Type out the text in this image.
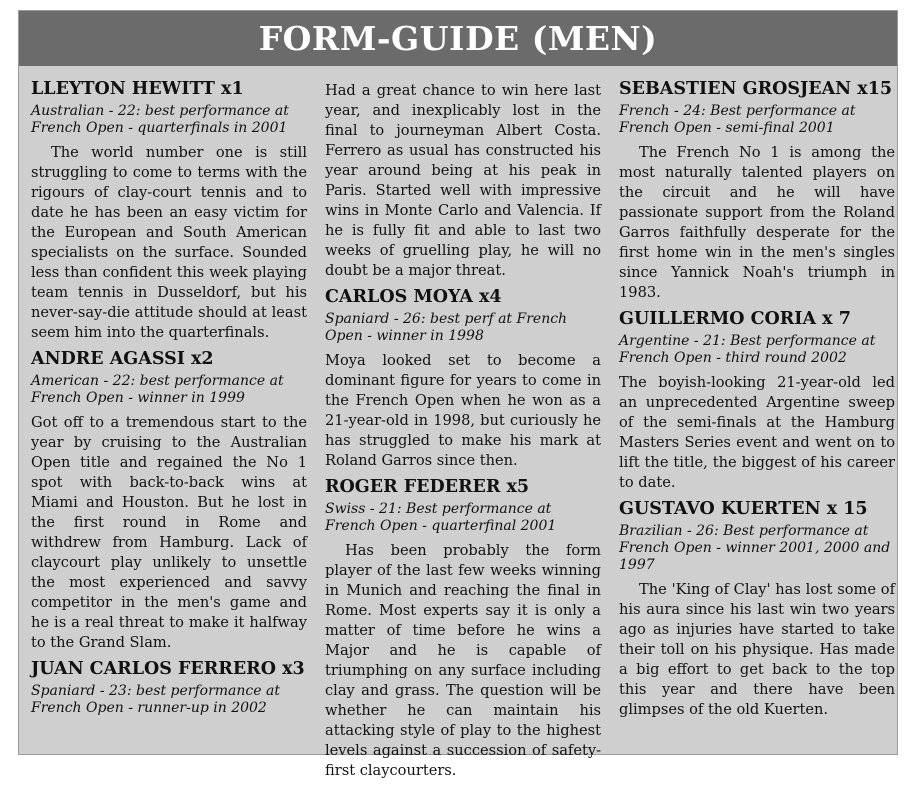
FORM-GUIDE (MEN)

LLEYTON HEWITT x1

Australian - 22: best performance at French Open - quarterfinals in 2001

The world number one is still struggling to come to terms with the rigours of clay-court tennis and to date he has been an easy victim for the European and South American specialists on the surface. Sounded less than confident this week playing team tennis in Dusseldorf, but his never-say-die attitude should at least seem him into the quarterfinals.

ANDRE AGASSI x2

American - 22: best performance at French Open - winner in 1999

Got off to a tremendous start to the year by cruising to the Australian Open title and regained the No 1 spot with back-to-back wins at Miami and Houston. But he lost in the first round in Rome and withdrew from Hamburg. Lack of claycourt play unlikely to unsettle the most experienced and savvy competitor in the men's game and he is a real threat to make it halfway to the Grand Slam.

JUAN CARLOS FERRERO x3

Spaniard - 23: best performance at French Open - runner-up in 2002

Had a great chance to win here last year, and inexplicably lost in the final to journeyman Albert Costa. Ferrero as usual has constructed his year around being at his peak in Paris. Started well with impressive wins in Monte Carlo and Valencia. If he is fully fit and able to last two weeks of gruelling play, he will no doubt be a major threat.

CARLOS MOYA x4

Spaniard - 26: best perf at French Open - winner in 1998

Moya looked set to become a dominant figure for years to come in the French Open when he won as a 21-year-old in 1998, but curiously he has struggled to make his mark at Roland Garros since then.

ROGER FEDERER x5

Swiss - 21: Best performance at French Open - quarterfinal 2001

Has been probably the form player of the last few weeks winning in Munich and reaching the final in Rome. Most experts say it is only a matter of time before he wins a Major and he is capable of triumphing on any surface including clay and grass. The question will be whether he can maintain his attacking style of play to the highest levels against a succession of safety-first claycourters.

SEBASTIEN GROSJEAN x15

French - 24: Best performance at French Open - semi-final 2001

The French No 1 is among the most naturally talented players on the circuit and he will have passionate support from the Roland Garros faithfully desperate for the first home win in the men's singles since Yannick Noah's triumph in 1983.

GUILLERMO CORIA x 7

Argentine - 21: Best performance at French Open - third round 2002

The boyish-looking 21-year-old led an unprecedented Argentine sweep of the semi-finals at the Hamburg Masters Series event and went on to lift the title, the biggest of his career to date.

GUSTAVO KUERTEN x 15

Brazilian - 26: Best performance at French Open - winner 2001, 2000 and 1997

The 'King of Clay' has lost some of his aura since his last win two years ago as injuries have started to take their toll on his physique. Has made a big effort to get back to the top this year and there have been glimpses of the old Kuerten.
